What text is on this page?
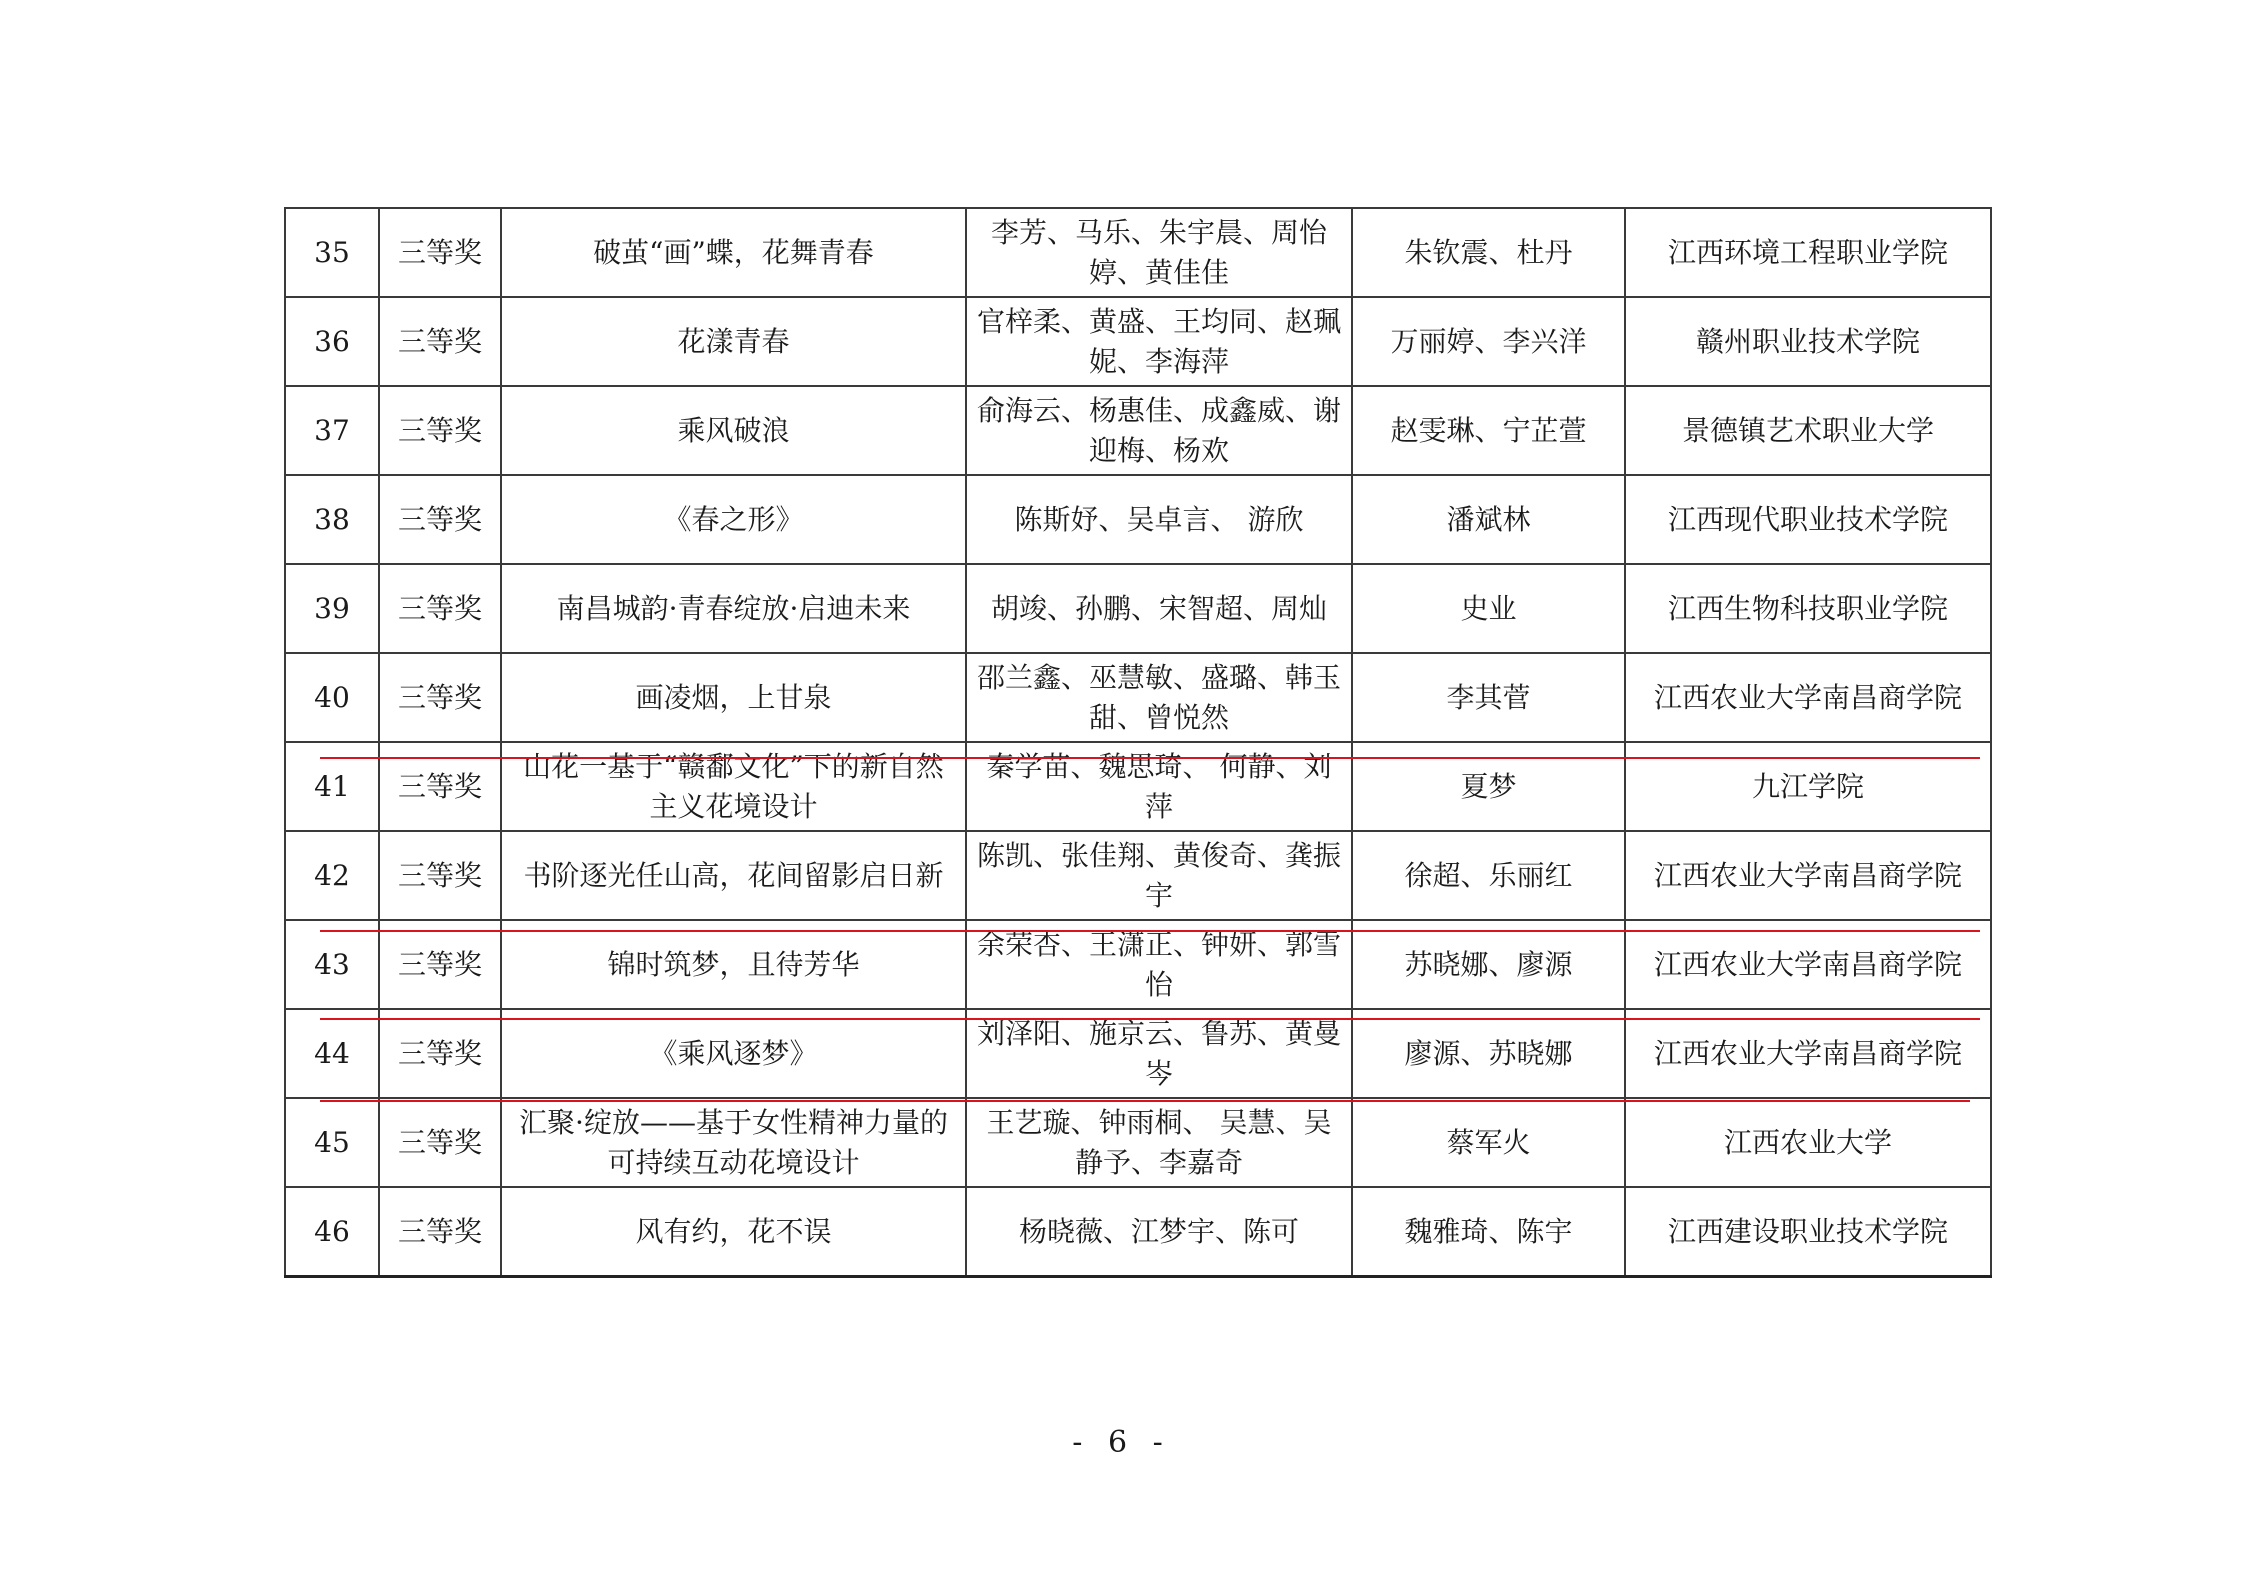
35	三等奖	破茧“画”蝶，花舞青春	李芳、马乐、朱宇晨、周怡婷、黄佳佳	朱钦震、杜丹	江西环境工程职业学院
36	三等奖	花漾青春	官梓柔、黄盛、王均同、赵珮妮、李海萍	万丽婷、李兴洋	赣州职业技术学院
37	三等奖	乘风破浪	俞海云、杨惠佳、成鑫威、谢迎梅、杨欢	赵雯琳、宁芷萱	景德镇艺术职业大学
38	三等奖	《春之形》	陈斯妤、吴卓言、 游欣	潘斌林	江西现代职业技术学院
39	三等奖	南昌城韵·青春绽放·启迪未来	胡竣、孙鹏、宋智超、周灿	史业	江西生物科技职业学院
40	三等奖	画凌烟，上甘泉	邵兰鑫、巫慧敏、盛璐、韩玉甜、曾悦然	李其菅	江西农业大学南昌商学院
41	三等奖	山花一基于“赣鄱文化”下的新自然主义花境设计	秦学苗、魏思琦、 何静、刘萍	夏梦	九江学院
42	三等奖	书阶逐光任山高，花间留影启日新	陈凯、张佳翔、黄俊奇、龚振宇	徐超、乐丽红	江西农业大学南昌商学院
43	三等奖	锦时筑梦，且待芳华	余荣杏、王潇正、钟妍、郭雪怡	苏晓娜、廖源	江西农业大学南昌商学院
44	三等奖	《乘风逐梦》	刘泽阳、施京云、鲁苏、黄曼岑	廖源、苏晓娜	江西农业大学南昌商学院
45	三等奖	汇聚·绽放——基于女性精神力量的可持续互动花境设计	王艺璇、钟雨桐、 吴慧、吴静予、李嘉奇	蔡军火	江西农业大学
46	三等奖	风有约，花不误	杨晓薇、江梦宇、陈可	魏雅琦、陈宇	江西建设职业技术学院
- 6 -
